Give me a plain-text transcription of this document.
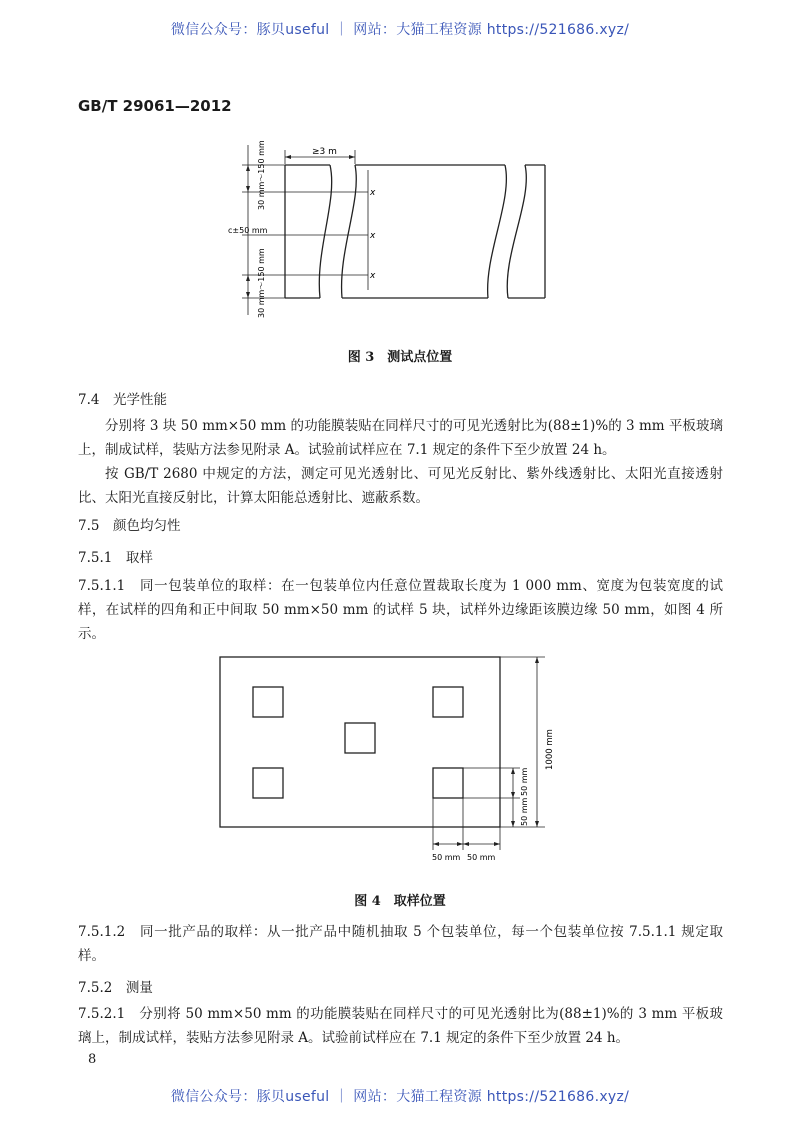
微信公众号：豚贝useful ｜ 网站：大猫工程资源 https://521686.xyz/
GB/T 29061—2012
≥3 m
30 mm～150 mm
c±50 mm
30 mm～150 mm
x
x
x
图 3　测试点位置
7.4　光学性能
分别将 3 块 50 mm×50 mm 的功能膜装贴在同样尺寸的可见光透射比为(88±1)%的 3 mm 平板玻璃上，制成试样，装贴方法参见附录 A。试验前试样应在 7.1 规定的条件下至少放置 24 h。
按 GB/T 2680 中规定的方法，测定可见光透射比、可见光反射比、紫外线透射比、太阳光直接透射比、太阳光直接反射比，计算太阳能总透射比、遮蔽系数。
7.5　颜色均匀性
7.5.1　取样
7.5.1.1　同一包装单位的取样：在一包装单位内任意位置裁取长度为 1 000 mm、宽度为包装宽度的试样，在试样的四角和正中间取 50 mm×50 mm 的试样 5 块，试样外边缘距该膜边缘 50 mm，如图 4 所示。
1000 mm
50 mm
50 mm
50 mm 50 mm
图 4　取样位置
7.5.1.2　同一批产品的取样：从一批产品中随机抽取 5 个包装单位，每一个包装单位按 7.5.1.1 规定取样。
7.5.2　测量
7.5.2.1　分别将 50 mm×50 mm 的功能膜装贴在同样尺寸的可见光透射比为(88±1)%的 3 mm 平板玻璃上，制成试样，装贴方法参见附录 A。试验前试样应在 7.1 规定的条件下至少放置 24 h。
8
微信公众号：豚贝useful ｜ 网站：大猫工程资源 https://521686.xyz/
